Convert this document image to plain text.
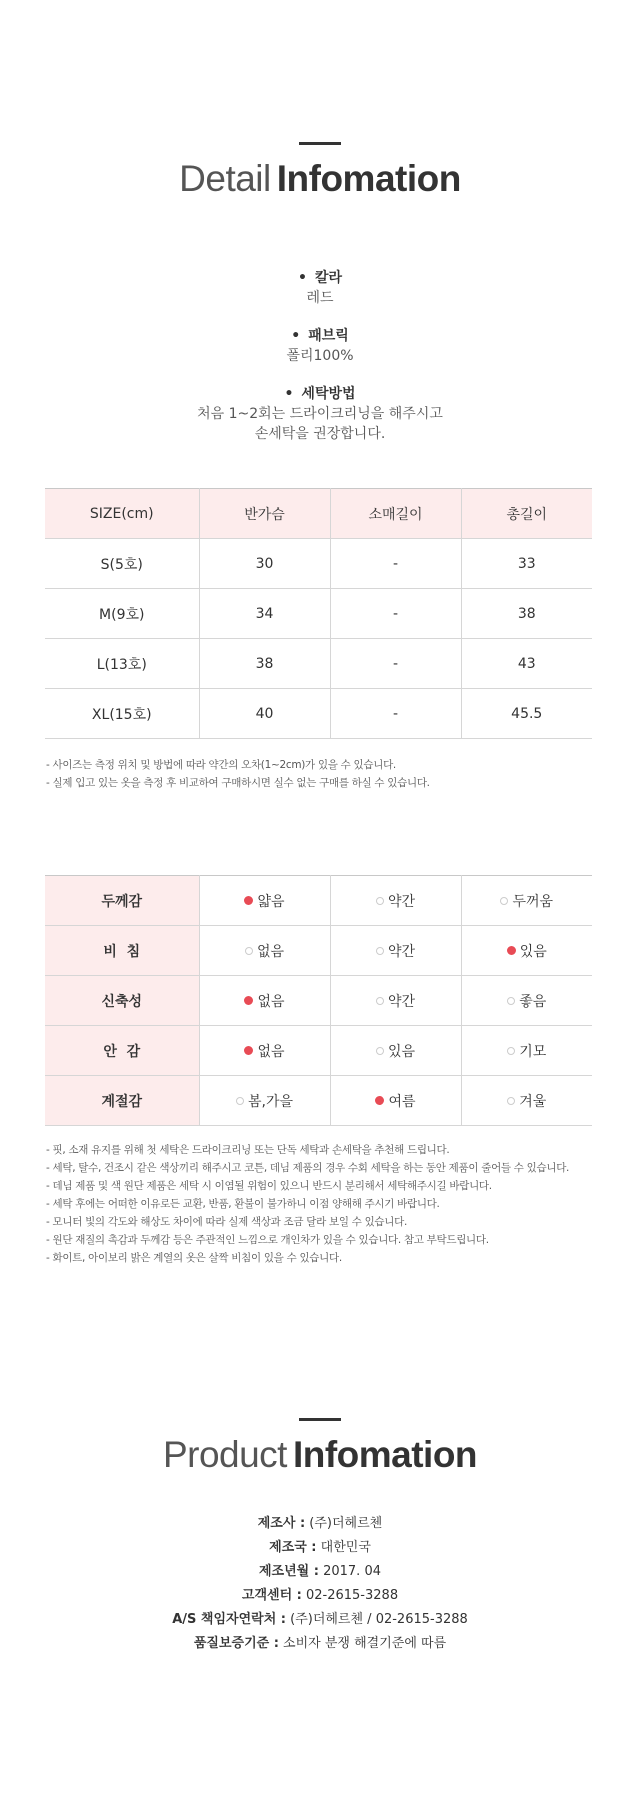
Detail Infomation
• 칼라
레드
• 패브릭
폴리100%
• 세탁방법
처음 1~2회는 드라이크리닝을 해주시고
손세탁을 권장합니다.
SIZE(cm)	반가슴	소매길이	총길이
S(5호)	30	-	33
M(9호)	34	-	38
L(13호)	38	-	43
XL(15호)	40	-	45.5
- 사이즈는 측정 위치 및 방법에 따라 약간의 오차(1~2cm)가 있을 수 있습니다.
- 실제 입고 있는 옷을 측정 후 비교하여 구매하시면 실수 없는 구매를 하실 수 있습니다.
두께감	얇음	약간	두꺼움

비  침	없음	약간	있음

신축성	없음	약간	좋음

안  감	없음	있음	기모

계절감	봄,가을	여름	겨울
- 핏, 소재 유지를 위해 첫 세탁은 드라이크리닝 또는 단독 세탁과 손세탁을 추천해 드립니다.
- 세탁, 탈수, 건조시 같은 색상끼리 해주시고 코튼, 데님 제품의 경우 수회 세탁을 하는 동안 제품이 줄어들 수 있습니다.
- 데님 제품 및 색 원단 제품은 세탁 시 이염될 위험이 있으니 반드시 분리해서 세탁해주시길 바랍니다.
- 세탁 후에는 어떠한 이유로든 교환, 반품, 환불이 불가하니 이점 양해해 주시기 바랍니다.
- 모니터 빛의 각도와 해상도 차이에 따라 실제 색상과 조금 달라 보일 수 있습니다.
- 원단 재질의 촉감과 두께감 등은 주관적인 느낌으로 개인차가 있을 수 있습니다. 참고 부탁드립니다.
- 화이트, 아이보리 밝은 계열의 옷은 살짝 비침이 있을 수 있습니다.
Product Infomation
제조사 : (주)더헤르첸
제조국 : 대한민국
제조년월 : 2017. 04
고객센터 : 02-2615-3288
A/S 책임자연락처 : (주)더헤르첸 / 02-2615-3288
품질보증기준 : 소비자 분쟁 해결기준에 따름
